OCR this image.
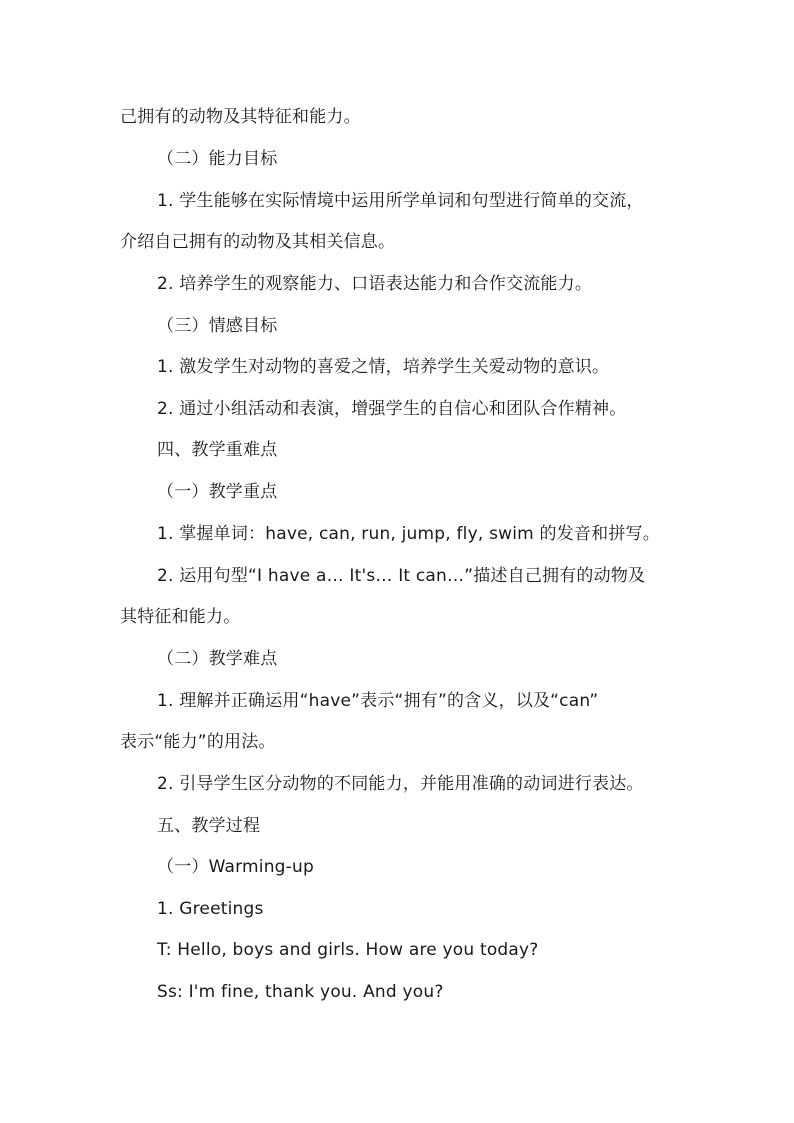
己拥有的动物及其特征和能力。
（二）能力目标
1. 学生能够在实际情境中运用所学单词和句型进行简单的交流，
介绍自己拥有的动物及其相关信息。
2. 培养学生的观察能力、口语表达能力和合作交流能力。
（三）情感目标
1. 激发学生对动物的喜爱之情，培养学生关爱动物的意识。
2. 通过小组活动和表演，增强学生的自信心和团队合作精神。
四、教学重难点
（一）教学重点
1. 掌握单词：have, can, run, jump, fly, swim 的发音和拼写。
2. 运用句型“I have a… It's… It can…”描述自己拥有的动物及
其特征和能力。
（二）教学难点
1. 理解并正确运用“have”表示“拥有”的含义，以及“can”
表示“能力”的用法。
2. 引导学生区分动物的不同能力，并能用准确的动词进行表达。
五、教学过程
（一）Warming-up
1. Greetings
T: Hello, boys and girls. How are you today?
Ss: I'm fine, thank you. And you?
